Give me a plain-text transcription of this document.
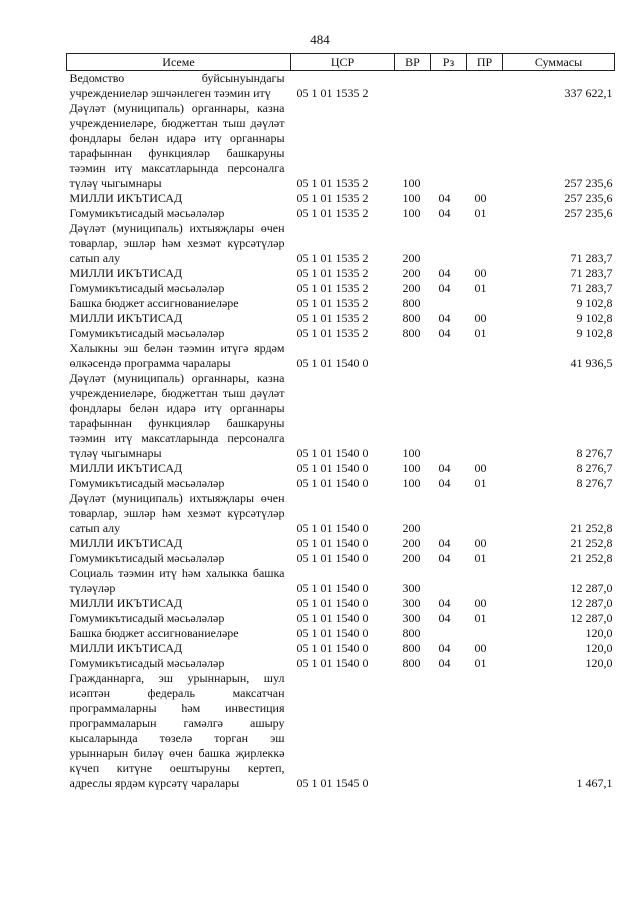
484
Исеме	ЦСР	ВР	Рз	ПР	Суммасы
Ведомство буйсынуындагы учреждениеләр эшчәнлеген тәэмин итү	05 1 01 1535 2				337 622,1
Дәүләт (муниципаль) органнары, казна учреждениеләре, бюджеттан тыш дәүләт фондлары белән идарә итү органнары тарафыннан функцияләр башкаруны тәэмин итү максатларында персоналга түләү чыгымнары	05 1 01 1535 2	100			257 235,6
МИЛЛИ ИКЪТИСАД	05 1 01 1535 2	100	04	00	257 235,6
Гомумикътисадый мәсьәләләр	05 1 01 1535 2	100	04	01	257 235,6
Дәүләт (муниципаль) ихтыяҗлары өчен товарлар, эшләр һәм хезмәт күрсәтүләр сатып алу	05 1 01 1535 2	200			71 283,7
МИЛЛИ ИКЪТИСАД	05 1 01 1535 2	200	04	00	71 283,7
Гомумикътисадый мәсьәләләр	05 1 01 1535 2	200	04	01	71 283,7
Башка бюджет ассигнованиеләре	05 1 01 1535 2	800			9 102,8
МИЛЛИ ИКЪТИСАД	05 1 01 1535 2	800	04	00	9 102,8
Гомумикътисадый мәсьәләләр	05 1 01 1535 2	800	04	01	9 102,8
Халыкны эш белән тәэмин итүгә ярдәм өлкәсендә программа чаралары	05 1 01 1540 0				41 936,5
Дәүләт (муниципаль) органнары, казна учреждениеләре, бюджеттан тыш дәүләт фондлары белән идарә итү органнары тарафыннан функцияләр башкаруны тәэмин итү максатларында персоналга түләү чыгымнары	05 1 01 1540 0	100			8 276,7
МИЛЛИ ИКЪТИСАД	05 1 01 1540 0	100	04	00	8 276,7
Гомумикътисадый мәсьәләләр	05 1 01 1540 0	100	04	01	8 276,7
Дәүләт (муниципаль) ихтыяҗлары өчен товарлар, эшләр һәм хезмәт күрсәтүләр сатып алу	05 1 01 1540 0	200			21 252,8
МИЛЛИ ИКЪТИСАД	05 1 01 1540 0	200	04	00	21 252,8
Гомумикътисадый мәсьәләләр	05 1 01 1540 0	200	04	01	21 252,8
Социаль тәэмин итү һәм халыкка башка түләүләр	05 1 01 1540 0	300			12 287,0
МИЛЛИ ИКЪТИСАД	05 1 01 1540 0	300	04	00	12 287,0
Гомумикътисадый мәсьәләләр	05 1 01 1540 0	300	04	01	12 287,0
Башка бюджет ассигнованиеләре	05 1 01 1540 0	800			120,0
МИЛЛИ ИКЪТИСАД	05 1 01 1540 0	800	04	00	120,0
Гомумикътисадый мәсьәләләр	05 1 01 1540 0	800	04	01	120,0
Гражданнарга, эш урыннарын, шул исәптән федераль максатчан программаларны һәм инвестиция программаларын гамәлгә ашыру кысаларында төзелә торган эш урыннарын биләү өчен башка җирлеккә күчеп китүне оештыруны кертеп, адреслы ярдәм күрсәтү чаралары	05 1 01 1545 0				1 467,1
